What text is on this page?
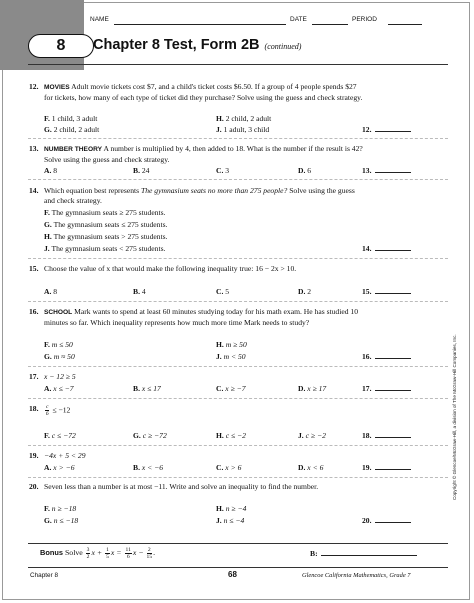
NAME	DATE	PERIOD
8	Chapter 8 Test, Form 2B (continued)
12. MOVIES Adult movie tickets cost $7, and a child's ticket costs $6.50. If a group of 4 people spends $27 for tickets, how many of each type of ticket did they purchase? Solve using the guess and check strategy.
F. 1 child, 3 adult	H. 2 child, 2 adult
G. 2 child, 2 adult	J. 1 adult, 3 child	12.
13. NUMBER THEORY A number is multiplied by 4, then added to 18. What is the number if the result is 42? Solve using the guess and check strategy.
A. 8	B. 24	C. 3	D. 6	13.
14. Which equation best represents The gymnasium seats no more than 275 people? Solve using the guess and check strategy.
F. The gymnasium seats ≥ 275 students.
G. The gymnasium seats ≤ 275 students.
H. The gymnasium seats > 275 students.
J. The gymnasium seats < 275 students.	14.
15. Choose the value of x that would make the following inequality true: 16 − 2x > 10.
A. 8	B. 4	C. 5	D. 2	15.
16. SCHOOL Mark wants to spend at least 60 minutes studying today for his math exam. He has studied 10 minutes so far. Which inequality represents how much more time Mark needs to study?
F. m ≤ 50	H. m ≥ 50
G. m ≈ 50	J. m < 50	16.
17. x − 12 ≥ 5
A. x ≤ −7	B. x ≤ 17	C. x ≥ −7	D. x ≥ 17	17.
18. $\frac{c}{6} \le -12$
F. c ≤ −72	G. c ≥ −72	H. c ≤ −2	J. c ≥ −2	18.
19. −4x + 5 < 29
A. x > −6	B. x < −6	C. x > 6	D. x < 6	19.
20. Seven less than a number is at most −11. Write and solve an inequality to find the number.
F. n ≥ −18	H. n ≥ −4
G. n ≤ −18	J. n ≤ −4	20.
Bonus Solve $\frac{3}{2}$ $x + \frac{1}{5}$ $x = \frac{11}{6}$ $x - \frac{2}{15}$ .	B:
Chapter 8	68	Glencoe California Mathematics, Grade 7
Copyright © Glencoe/McGraw-Hill, a division of The McGraw-Hill Companies, Inc.
